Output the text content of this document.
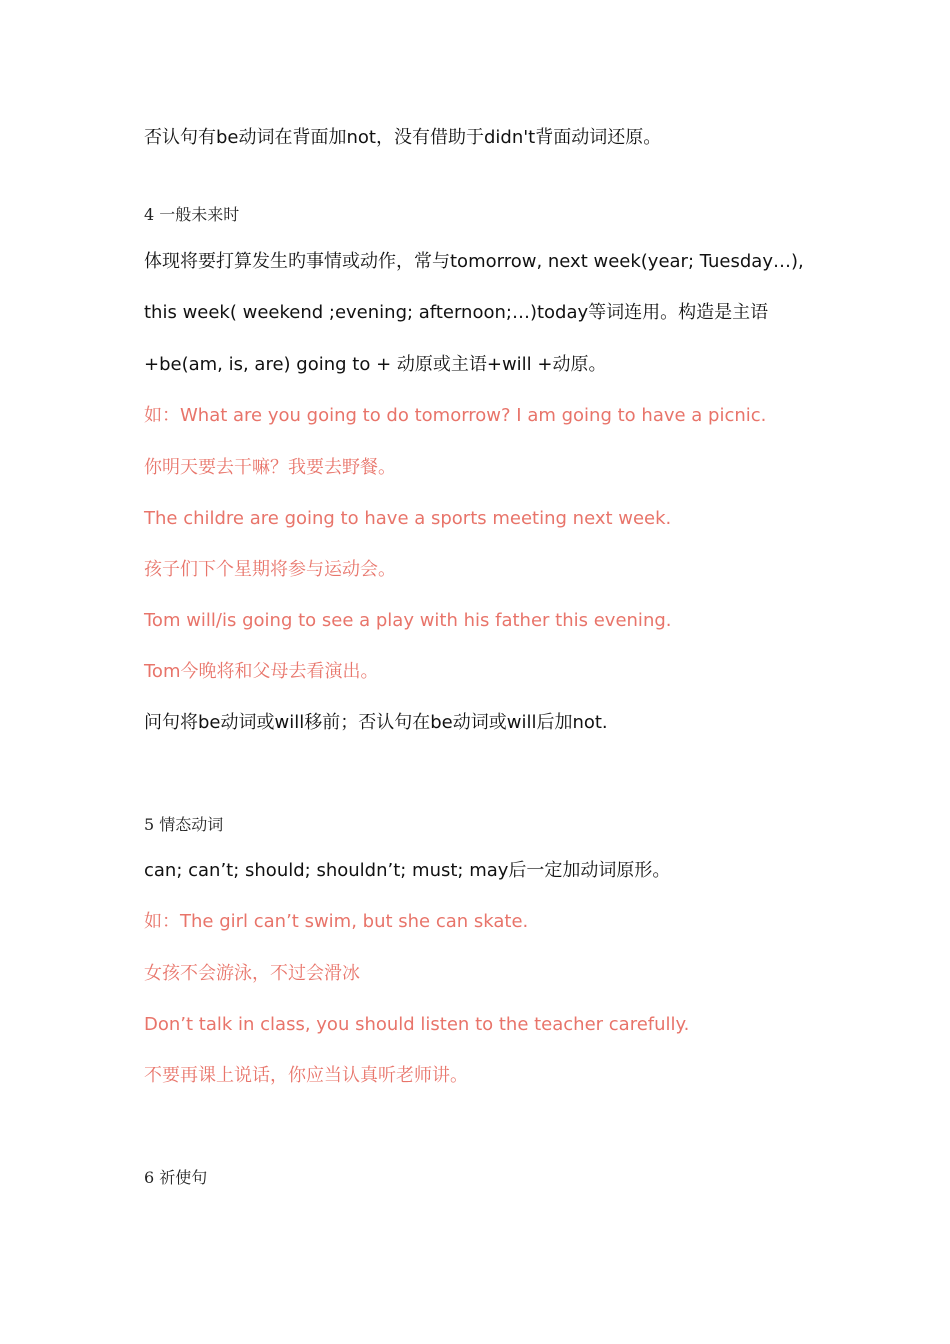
否认句有be动词在背面加not，没有借助于didn't背面动词还原。
4 一般未来时
体现将要打算发生旳事情或动作，常与tomorrow, next week(year; Tuesday…),
this week( weekend ;evening; afternoon;…)today等词连用。构造是主语
+be(am, is, are) going to + 动原或主语+will +动原。
如：What are you going to do tomorrow? I am going to have a picnic.
你明天要去干嘛？我要去野餐。
The childre are going to have a sports meeting next week.
孩子们下个星期将参与运动会。
Tom will/is going to see a play with his father this evening.
Tom今晚将和父母去看演出。
问句将be动词或will移前；否认句在be动词或will后加not.
5 情态动词
can; can’t; should; shouldn’t; must; may后一定加动词原形。
如：The girl can’t swim, but she can skate.
女孩不会游泳，不过会滑冰
Don’t talk in class, you should listen to the teacher carefully.
不要再课上说话，你应当认真听老师讲。
6 祈使句
